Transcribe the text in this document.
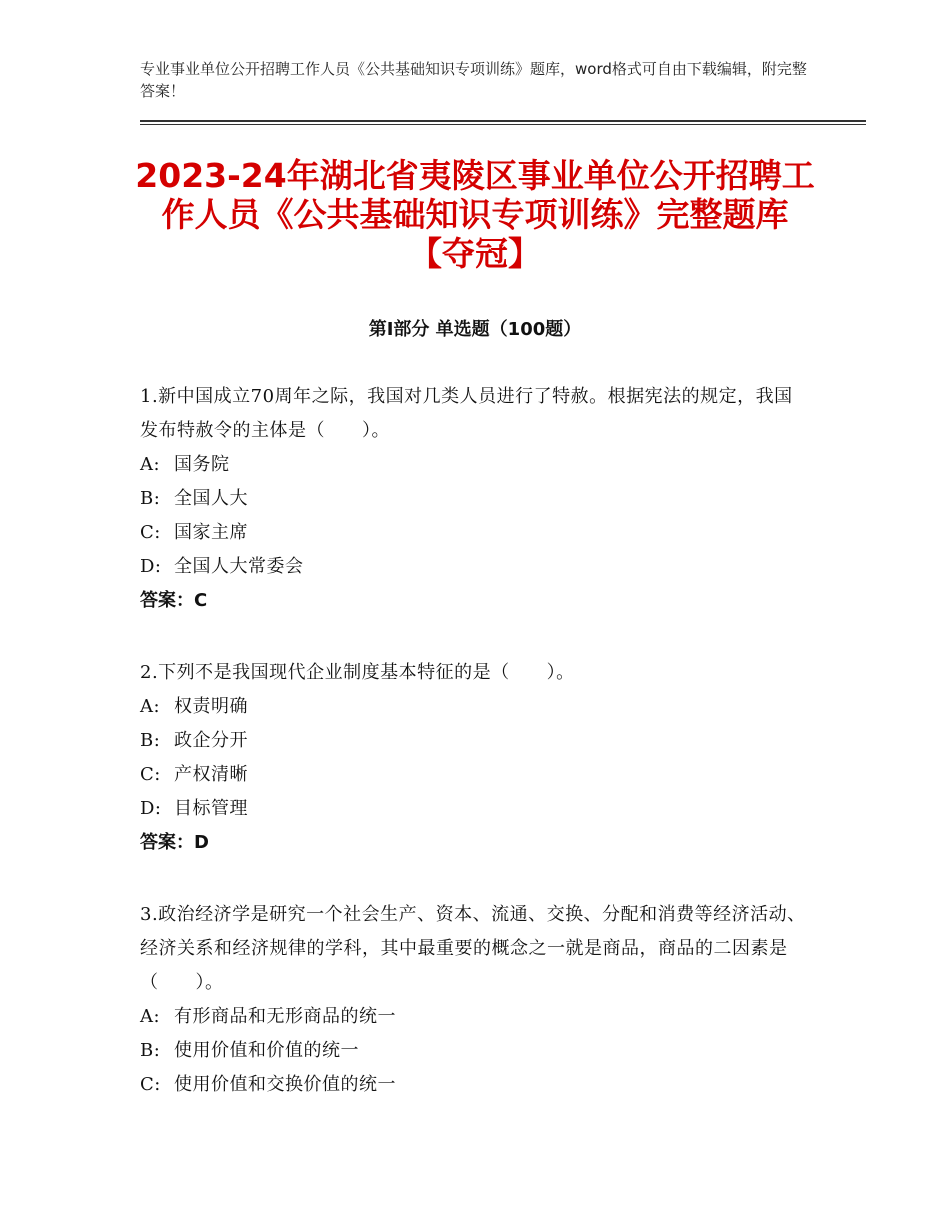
专业事业单位公开招聘工作人员《公共基础知识专项训练》题库，word格式可自由下载编辑，附完整答案！
2023-24年湖北省夷陵区事业单位公开招聘工作人员《公共基础知识专项训练》完整题库【夺冠】
第Ⅰ部分 单选题（100题）
1.新中国成立70周年之际，我国对几类人员进行了特赦。根据宪法的规定，我国发布特赦令的主体是（　　）。
A: 国务院
B: 全国人大
C: 国家主席
D: 全国人大常委会
答案：C
2.下列不是我国现代企业制度基本特征的是（　　）。
A: 权责明确
B: 政企分开
C: 产权清晰
D: 目标管理
答案：D
3.政治经济学是研究一个社会生产、资本、流通、交换、分配和消费等经济活动、经济关系和经济规律的学科，其中最重要的概念之一就是商品，商品的二因素是（　　）。
A: 有形商品和无形商品的统一
B: 使用价值和价值的统一
C: 使用价值和交换价值的统一
